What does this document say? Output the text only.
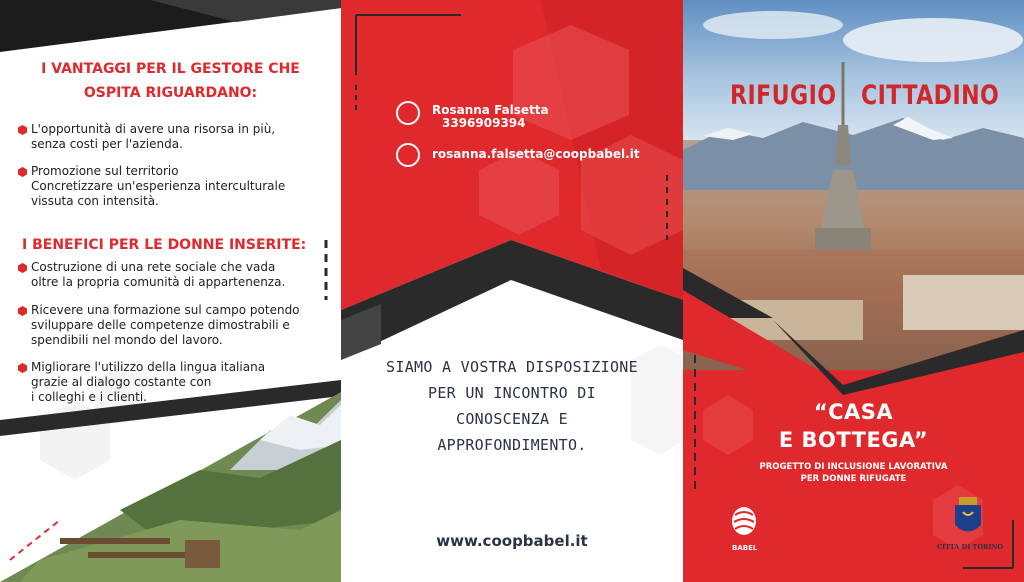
I VANTAGGI PER IL GESTORE CHE
OSPITA RIGUARDANO:
L'opportunità di avere una risorsa in più,
senza costi per l'azienda.
Promozione sul territorio
Concretizzare un'esperienza interculturale
vissuta con intensità.
I BENEFICI PER LE DONNE INSERITE:
Costruzione di una rete sociale che vada
oltre la propria comunità di appartenenza.
Ricevere una formazione sul campo potendo
sviluppare delle competenze dimostrabili e
spendibili nel mondo del lavoro.
Migliorare l'utilizzo della lingua italiana
grazie al dialogo costante con
i colleghi e i clienti.
Rosanna Falsetta
3396909394
rosanna.falsetta@coopbabel.it
SIAMO A VOSTRA DISPOSIZIONE
PER UN INCONTRO DI
CONOSCENZA E
APPROFONDIMENTO.
www.coopbabel.it
RIFUGIO CITTADINO
“CASA
E BOTTEGA”
PROGETTO DI INCLUSIONE LAVORATIVA
PER DONNE RIFUGATE
BABEL	CITTA DI TORINO
